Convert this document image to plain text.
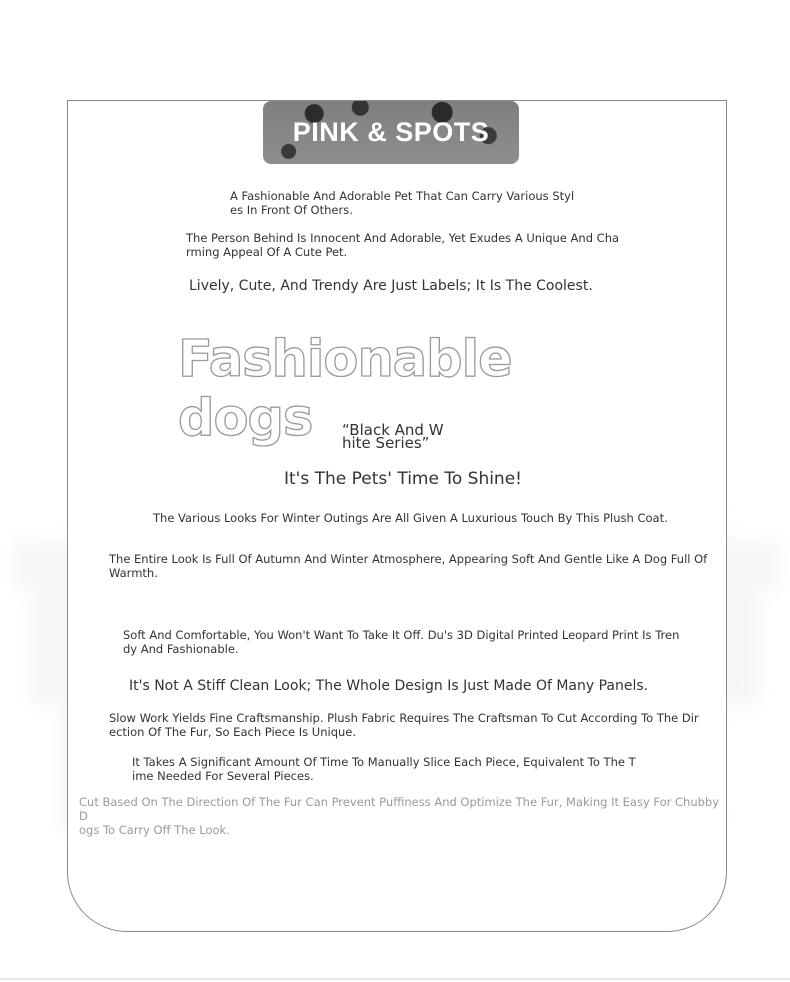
PINK & SPOTS
A Fashionable And Adorable Pet That Can Carry Various Styl
es In Front Of Others.
The Person Behind Is Innocent And Adorable, Yet Exudes A Unique And Cha
rming Appeal Of A Cute Pet.
Lively, Cute, And Trendy Are Just Labels; It Is The Coolest.
Fashionable dogs	“Black And W
hite Series”
It's The Pets' Time To Shine!
The Various Looks For Winter Outings Are All Given A Luxurious Touch By This Plush Coat.
The Entire Look Is Full Of Autumn And Winter Atmosphere, Appearing Soft And Gentle Like A Dog Full Of Warmth.
Soft And Comfortable, You Won't Want To Take It Off. Du's 3D Digital Printed Leopard Print Is Tren
dy And Fashionable.
It's Not A Stiff Clean Look; The Whole Design Is Just Made Of Many Panels.
Slow Work Yields Fine Craftsmanship. Plush Fabric Requires The Craftsman To Cut According To The Dir
ection Of The Fur, So Each Piece Is Unique.
It Takes A Significant Amount Of Time To Manually Slice Each Piece, Equivalent To The T
ime Needed For Several Pieces.
Cut Based On The Direction Of The Fur Can Prevent Puffiness And Optimize The Fur, Making It Easy For Chubby D
ogs To Carry Off The Look.
